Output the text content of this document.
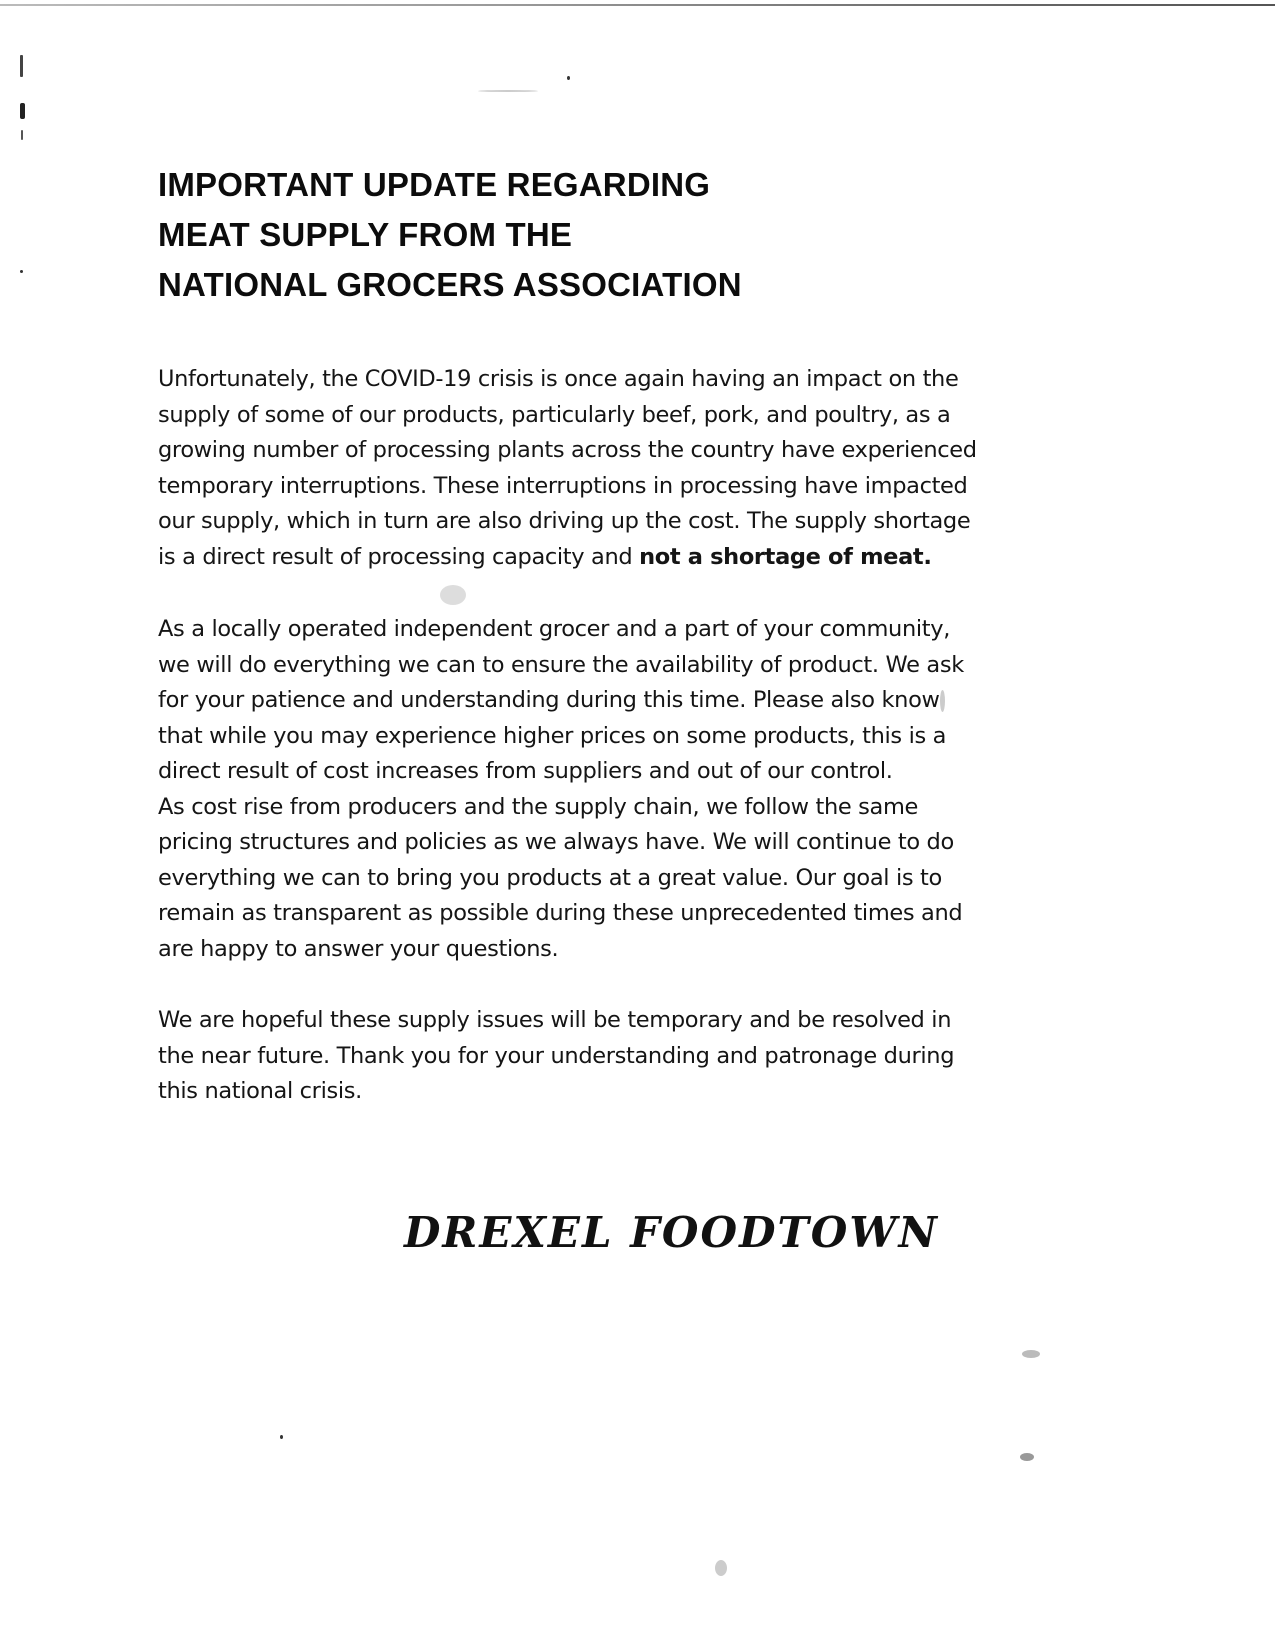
IMPORTANT UPDATE REGARDING
MEAT SUPPLY FROM THE
NATIONAL GROCERS ASSOCIATION
Unfortunately, the COVID-19 crisis is once again having an impact on the
supply of some of our products, particularly beef, pork, and poultry, as a
growing number of processing plants across the country have experienced
temporary interruptions. These interruptions in processing have impacted
our supply, which in turn are also driving up the cost. The supply shortage
is a direct result of processing capacity and not a shortage of meat.
As a locally operated independent grocer and a part of your community,
we will do everything we can to ensure the availability of product. We ask
for your patience and understanding during this time. Please also know
that while you may experience higher prices on some products, this is a
direct result of cost increases from suppliers and out of our control.
As cost rise from producers and the supply chain, we follow the same
pricing structures and policies as we always have. We will continue to do
everything we can to bring you products at a great value. Our goal is to
remain as transparent as possible during these unprecedented times and
are happy to answer your questions.
We are hopeful these supply issues will be temporary and be resolved in
the near future. Thank you for your understanding and patronage during
this national crisis.
DREXEL FOODTOWN
